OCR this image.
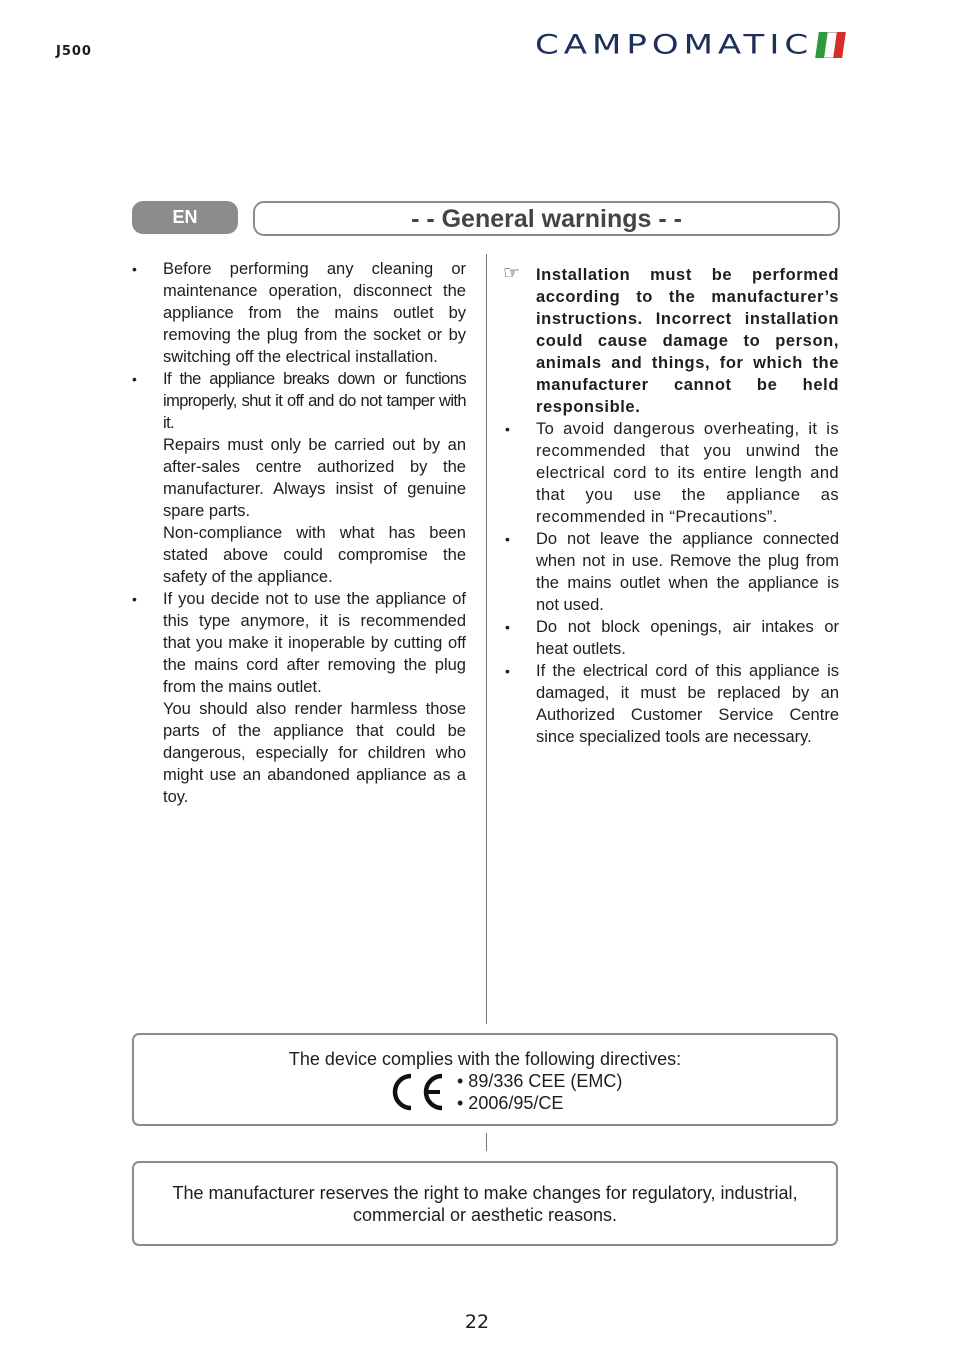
J500	CAMPOMATIC
EN	- - General warnings - -
•	Before performing any cleaning or maintenance operation, disconnect the appliance from the mains outlet by removing the plug from the socket or by switching off the electrical installation.

•	If the appliance breaks down or functions improperly, shut it off and do not tamper with it.

Repairs must only be carried out by an after-sales centre authorized by the manufacturer. Always insist of genuine spare parts.

Non-compliance with what has been stated above could compromise the safety of the appliance.

•	If you decide not to use the appliance of this type anymore, it is recommended that you make it inoperable by cutting off the mains cord after removing the plug from the mains outlet.

You should also render harmless those parts of the appliance that could be dangerous, especially for children who might use an abandoned appliance as a toy.

☞ Installation must be performed according to the manufacturer’s instructions. Incorrect installation could cause damage to person, animals and things, for which the manufacturer cannot be held responsible.

•	To avoid dangerous overheating, it is recommended that you unwind the electrical cord to its entire length and that you use the appliance as recommended in “Precautions”.

•	Do not leave the appliance connected when not in use. Remove the plug from the mains outlet when the appliance is not used.

•	Do not block openings, air intakes or heat outlets.

•	If the electrical cord of this appliance is damaged, it must be replaced by an Authorized Customer Service Centre since specialized tools are necessary.

The device complies with the following directives:
• 89/336 CEE (EMC)
• 2006/95/CE
The manufacturer reserves the right to make changes for regulatory, industrial, commercial or aesthetic reasons.
22
